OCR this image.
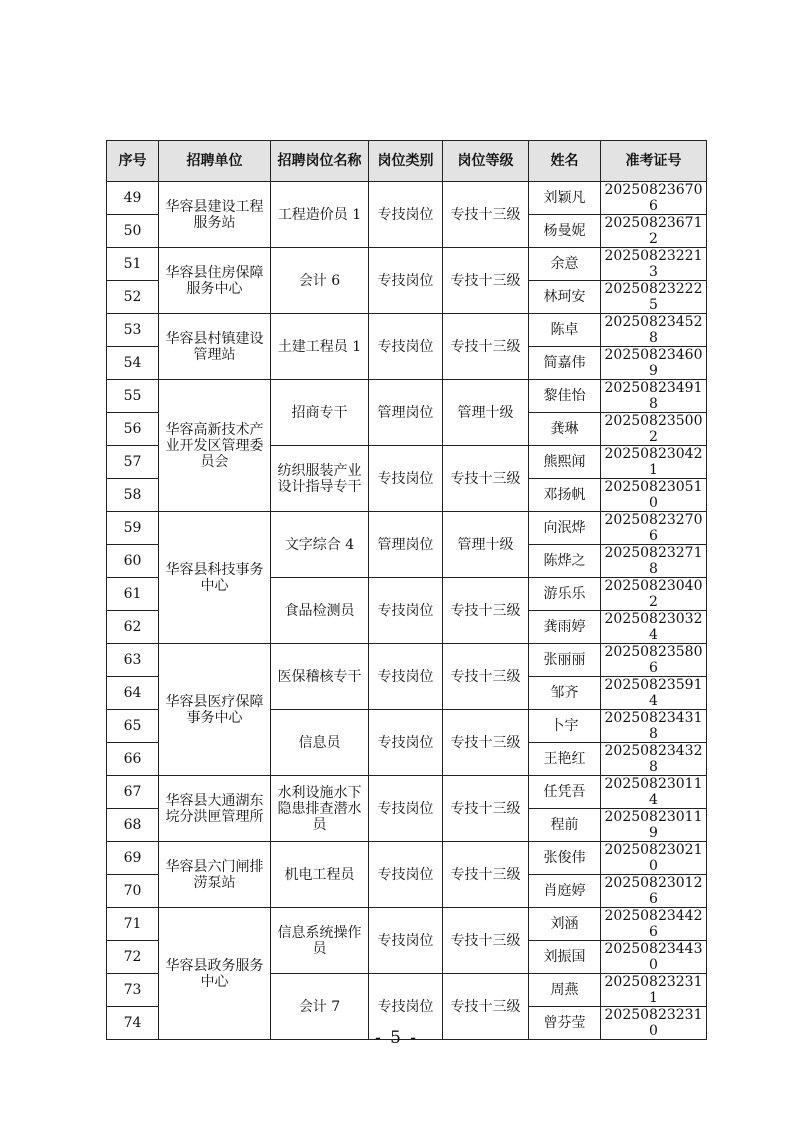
序号	招聘单位	招聘岗位名称	岗位类别	岗位等级	姓名	准考证号
49	华容县建设工程服务站	工程造价员 1	专技岗位	专技十三级	刘颖凡	202508236706
50					杨曼妮	202508236712
51	华容县住房保障服务中心	会计 6	专技岗位	专技十三级	余意	202508232213
52					林珂安	202508232225
53	华容县村镇建设管理站	土建工程员 1	专技岗位	专技十三级	陈卓	202508234528
54					简嘉伟	202508234609
55	华容高新技术产业开发区管理委员会	招商专干	管理岗位	管理十级	黎佳怡	202508234918
56					龚琳	202508235002
57		纺织服装产业设计指导专干	专技岗位	专技十三级	熊熙闻	202508230421
58					邓扬帆	202508230510
59	华容县科技事务中心	文字综合 4	管理岗位	管理十级	向泯烨	202508232706
60					陈烨之	202508232718
61		食品检测员	专技岗位	专技十三级	游乐乐	202508230402
62					龚雨婷	202508230324
63	华容县医疗保障事务中心	医保稽核专干	专技岗位	专技十三级	张丽丽	202508235806
64					邹齐	202508235914
65		信息员	专技岗位	专技十三级	卜宇	202508234318
66					王艳红	202508234328
67	华容县大通湖东垸分洪匣管理所	水利设施水下隐患排查潜水员	专技岗位	专技十三级	任凭吾	202508230114
68					程前	202508230119
69	华容县六门闸排涝泵站	机电工程员	专技岗位	专技十三级	张俊伟	202508230210
70					肖庭婷	202508230126
71	华容县政务服务中心	信息系统操作员	专技岗位	专技十三级	刘涵	202508234426
72					刘振国	202508234430
73		会计 7	专技岗位	专技十三级	周燕	202508232311
74					曾芬莹	202508232310
- 5 -
